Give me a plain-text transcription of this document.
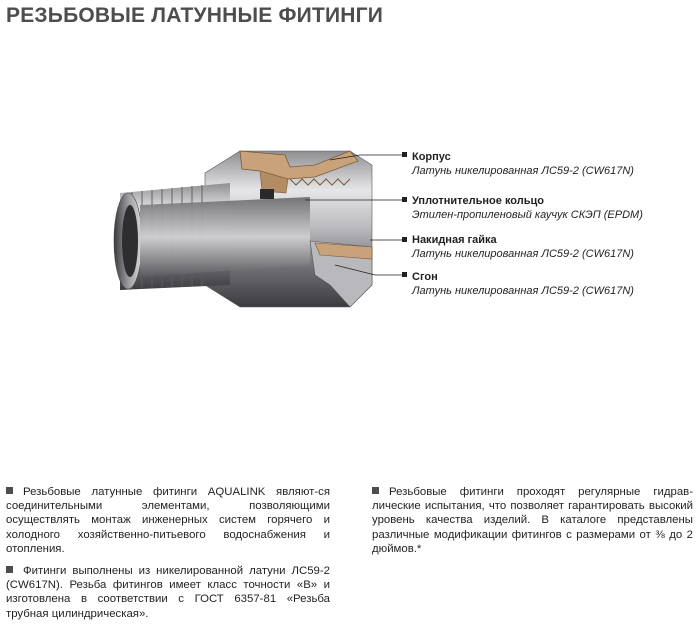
РЕЗЬБОВЫЕ ЛАТУННЫЕ ФИТИНГИ
Корпус
Латунь никелированная ЛС59-2 (CW617N)
Уплотнительное кольцо
Этилен-пропиленовый каучук СКЭП (EPDM)
Накидная гайка
Латунь никелированная ЛС59-2 (CW617N)
Сгон
Латунь никелированная ЛС59-2 (CW617N)

Резьбовые латунные фитинги AQUALINK являют-ся соединительными элементами, позволяющими осуществлять монтаж инженерных систем горячего и холодного хозяйственно-питьевого водоснабжения и отопления.

Фитинги выполнены из никелированной латуни ЛС59-2 (CW617N). Резьба фитингов имеет класс точности «В» и изготовлена в соответствии с ГОСТ 6357-81 «Резьба трубная цилиндрическая».

Резьбовые фитинги проходят регулярные гидрав-лические испытания, что позволяет гарантировать высокий уровень качества изделий. В каталоге представлены различные модификации фитингов с размерами от ⅜ до 2 дюймов.*
